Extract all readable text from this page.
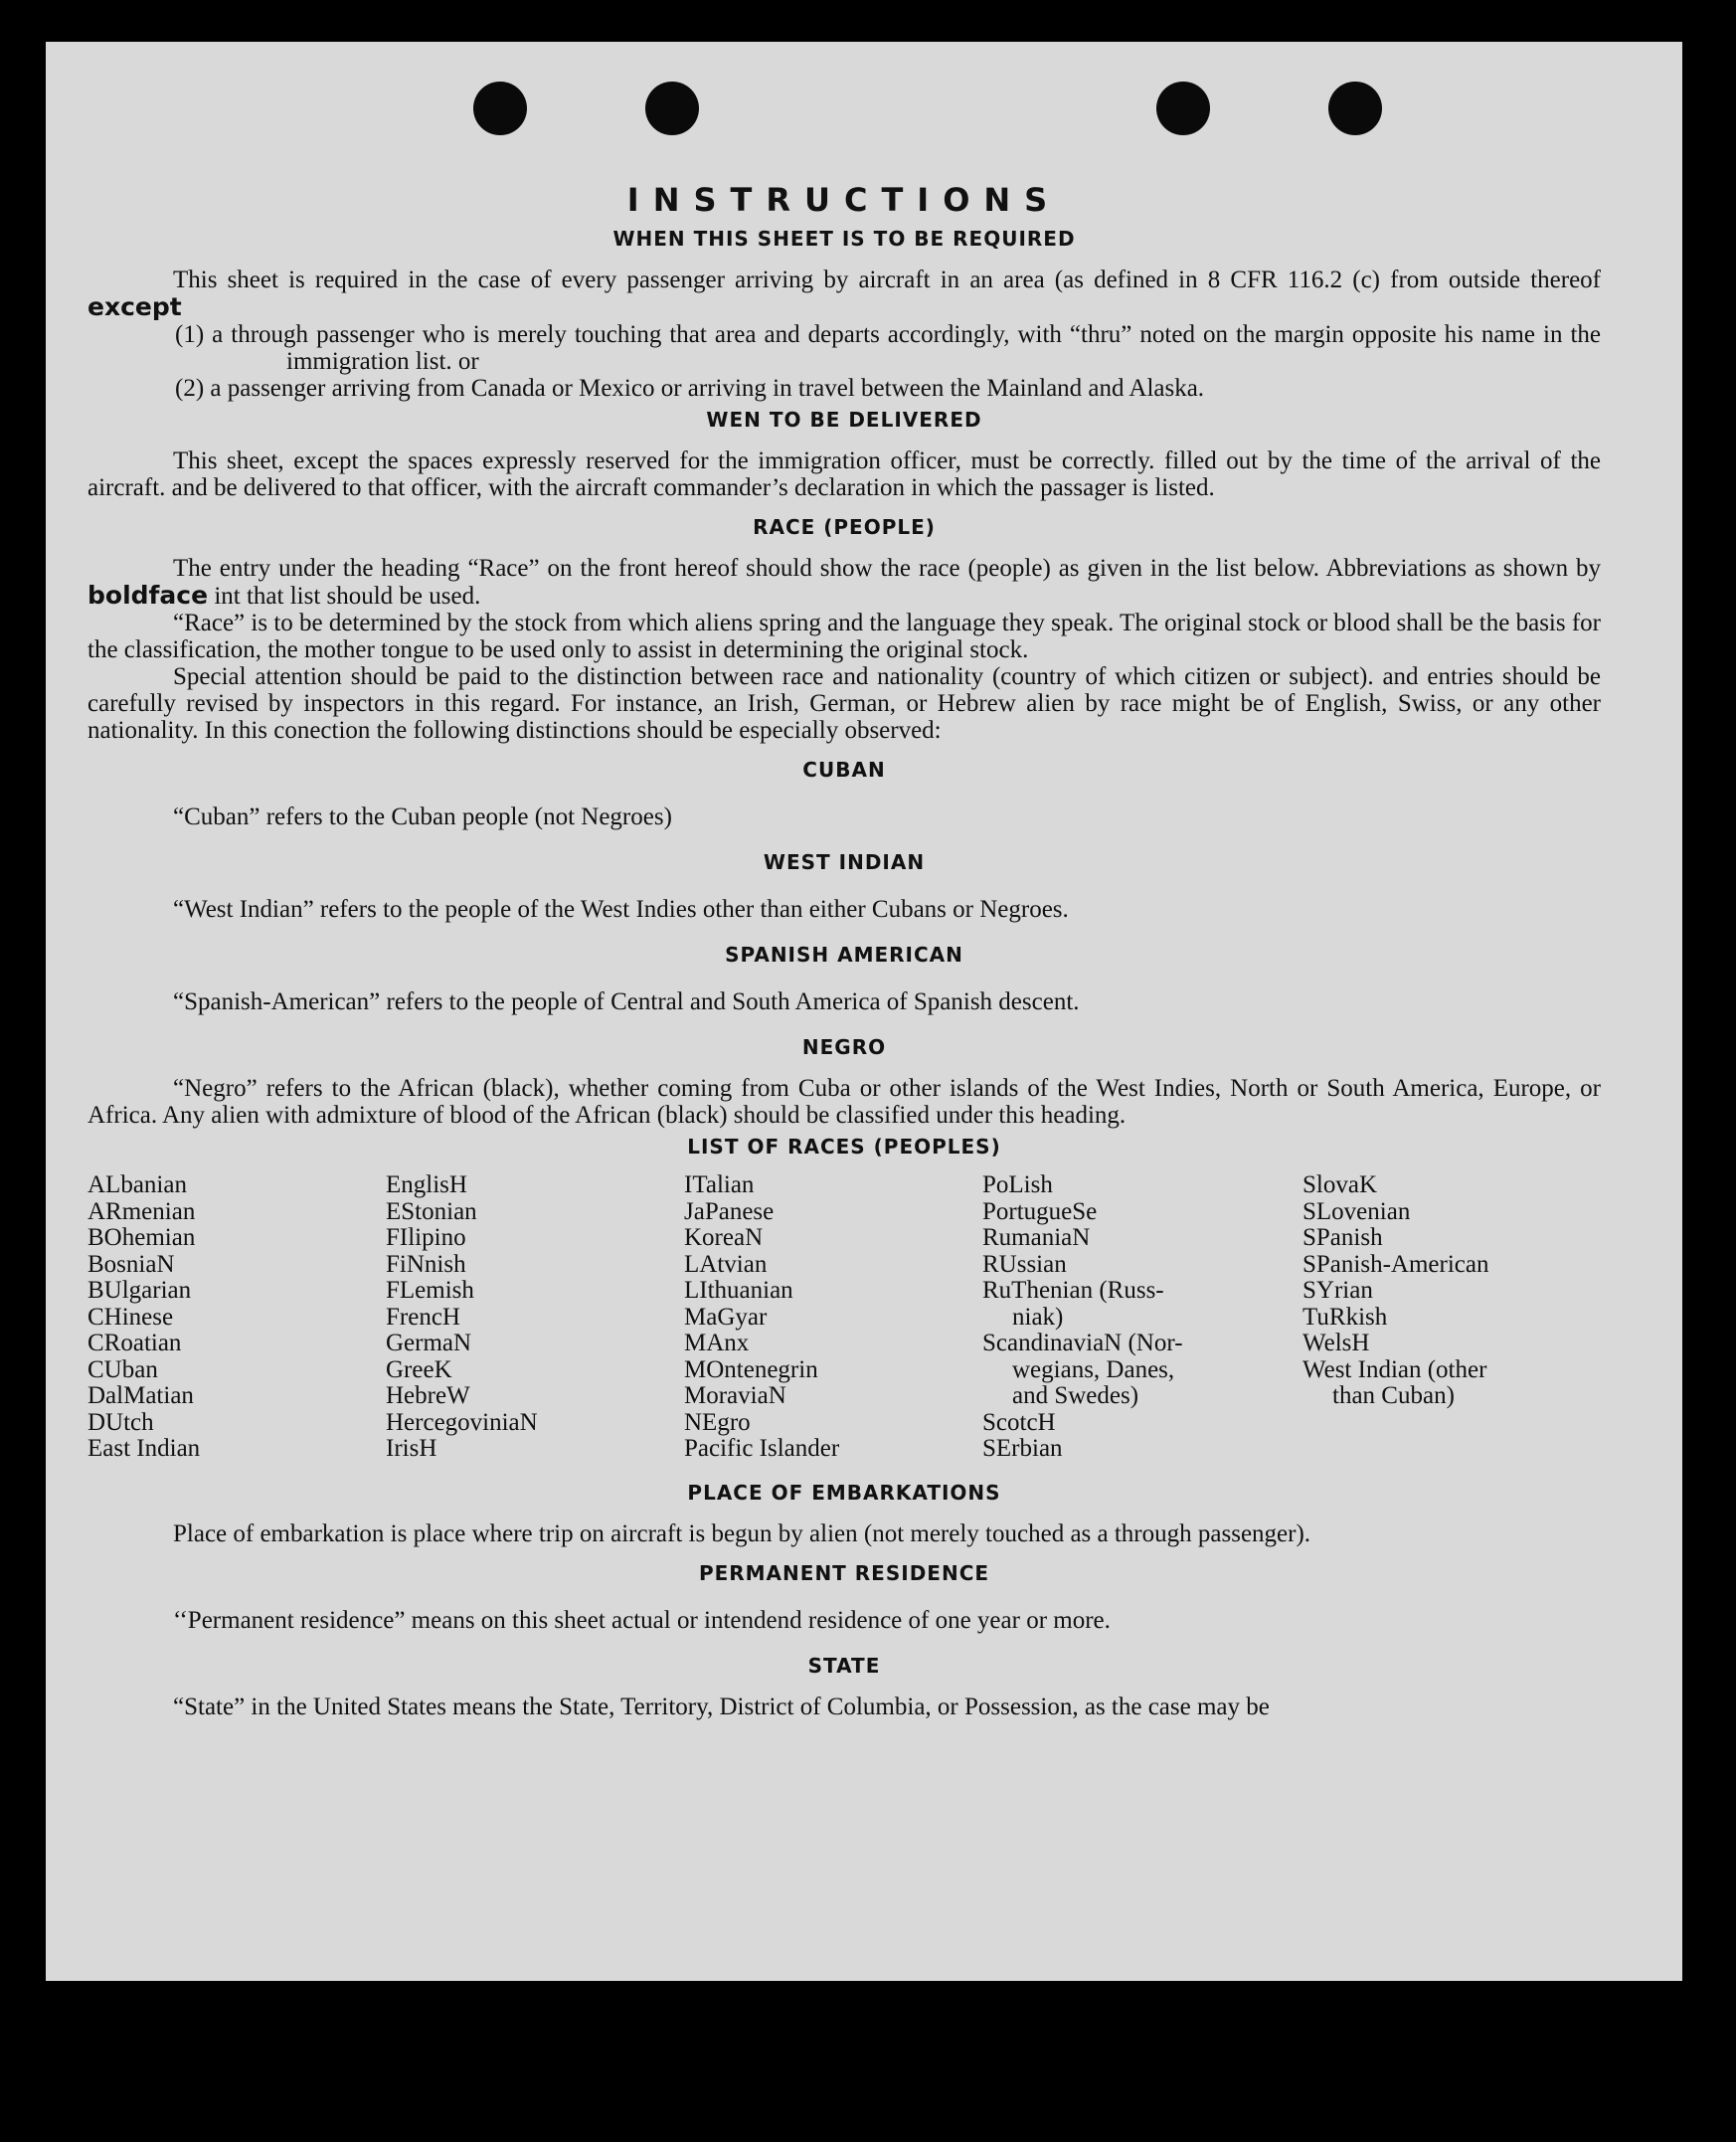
INSTRUCTIONS
WHEN THIS SHEET IS TO BE REQUIRED

This sheet is required in the case of every passenger arriving by aircraft in an area (as defined in 8 CFR 116.2 (c) from outside thereof except

(1) a through passenger who is merely touching that area and departs accordingly, with “thru” noted on the margin opposite his name in the immigration list. or
(2) a passenger arriving from Canada or Mexico or arriving in travel between the Mainland and Alaska.
WEN TO BE DELIVERED

This sheet, except the spaces expressly reserved for the immigration officer, must be correctly. filled out by the time of the arrival of the aircraft. and be delivered to that officer, with the aircraft commander’s declaration in which the passager is listed.

RACE (PEOPLE)

The entry under the heading “Race” on the front hereof should show the race (people) as given in the list below. Abbreviations as shown by boldface int that list should be used.

“Race” is to be determined by the stock from which aliens spring and the language they speak. The original stock or blood shall be the basis for the classification, the mother tongue to be used only to assist in determining the original stock.

Special attention should be paid to the distinction between race and nationality (country of which citizen or subject). and entries should be carefully revised by inspectors in this regard. For instance, an Irish, German, or Hebrew alien by race might be of English, Swiss, or any other nationality. In this conection the following distinctions should be especially observed:

CUBAN
“Cuban” refers to the Cuban people (not Negroes)
WEST INDIAN
“West Indian” refers to the people of the West Indies other than either Cubans or Negroes.
SPANISH AMERICAN
“Spanish-American” refers to the people of Central and South America of Spanish descent.
NEGRO

“Negro” refers to the African (black), whether coming from Cuba or other islands of the West Indies, North or South America, Europe, or Africa. Any alien with admixture of blood of the African (black) should be classified under this heading.

LIST OF RACES (PEOPLES)
ALbanian
ARmenian
BOhemian
BosniaN
BUlgarian
CHinese
CRoatian
CUban
DalMatian
DUtch
East Indian
EnglisH
EStonian
FIlipino
FiNnish
FLemish
FrencH
GermaN
GreeK
HebreW
HercegoviniaN
IrisH
ITalian
JaPanese
KoreaN
LAtvian
LIthuanian
MaGyar
MAnx
MOntenegrin
MoraviaN
NEgro
Pacific Islander
PoLish
PortugueSe
RumaniaN
RUssian
RuThenian (Russ-
niak)
ScandinaviaN (Nor-
wegians, Danes,
and Swedes)
ScotcH
SErbian
SlovaK
SLovenian
SPanish
SPanish-American
SYrian
TuRkish
WelsH
West Indian (other
than Cuban)
PLACE OF EMBARKATIONS

Place of embarkation is place where trip on aircraft is begun by alien (not merely touched as a through passenger).

PERMANENT RESIDENCE
‘‘Permanent residence” means on this sheet actual or intendend residence of one year or more.
STATE

“State” in the United States means the State, Territory, District of Columbia, or Possession, as the case may be
